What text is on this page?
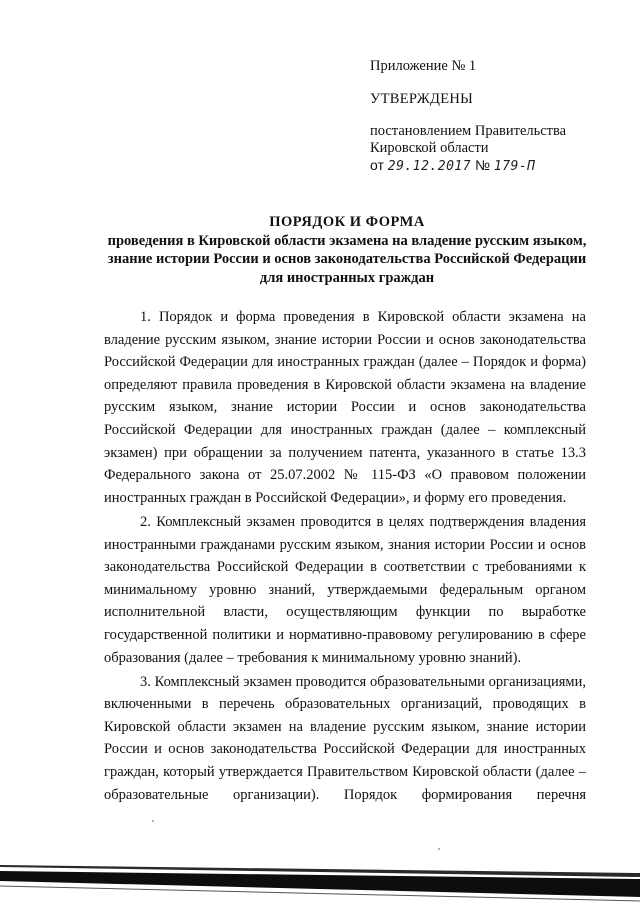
Приложение № 1
УТВЕРЖДЕНЫ
постановлением Правительства
Кировской области
от 29.12.2017 № 179-П
ПОРЯДОК И ФОРМА
проведения в Кировской области экзамена на владение русским языком, знание истории России и основ законодательства Российской Федерации для иностранных граждан

1. Порядок и форма проведения в Кировской области экзамена на владение русским языком, знание истории России и основ законодательства Российской Федерации для иностранных граждан (далее – Порядок и форма) определяют правила проведения в Кировской области экзамена на владение русским языком, знание истории России и основ законодательства Российской Федерации для иностранных граждан (далее – комплексный экзамен) при обращении за получением патента, указанного в статье 13.3 Федерального закона от 25.07.2002 № 115-ФЗ «О правовом положении иностранных граждан в Российской Федерации», и форму его проведения.

2. Комплексный экзамен проводится в целях подтверждения владения иностранными гражданами русским языком, знания истории России и основ законодательства Российской Федерации в соответствии с требованиями к минимальному уровню знаний, утверждаемыми федеральным органом исполнительной власти, осуществляющим функции по выработке государственной политики и нормативно-правовому регулированию в сфере образования (далее – требования к минимальному уровню знаний).

3. Комплексный экзамен проводится образовательными организациями, включенными в перечень образовательных организаций, проводящих в Кировской области экзамен на владение русским языком, знание истории России и основ законодательства Российской Федерации для иностранных граждан, который утверждается Правительством Кировской области (далее – образовательные организации). Порядок формирования перечня
